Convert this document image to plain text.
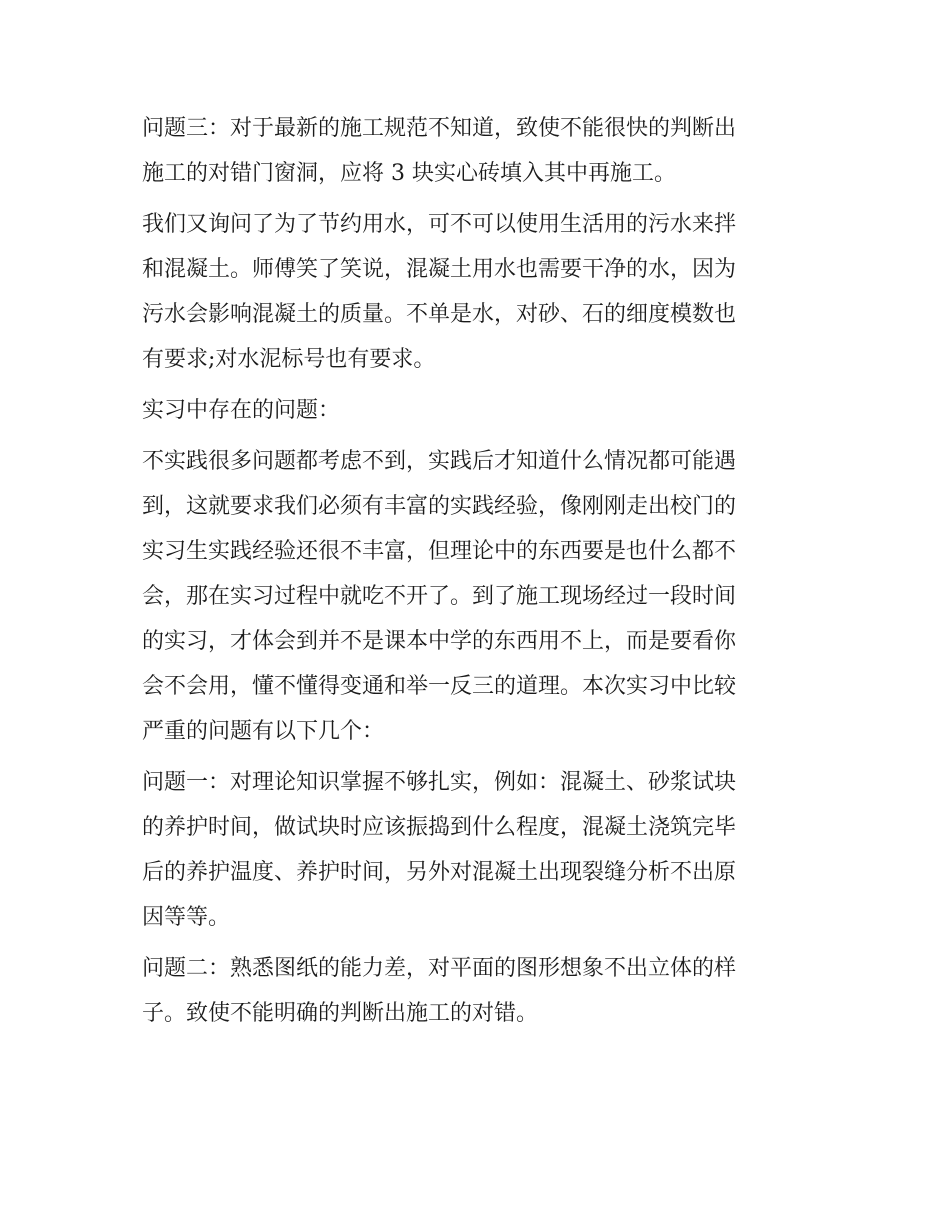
问题三：对于最新的施工规范不知道，致使不能很快的判断出
施工的对错门窗洞，应将 3 块实心砖填入其中再施工。

我们又询问了为了节约用水，可不可以使用生活用的污水来拌
和混凝土。师傅笑了笑说，混凝土用水也需要干净的水，因为
污水会影响混凝土的质量。不单是水，对砂、石的细度模数也
有要求;对水泥标号也有要求。

实习中存在的问题：

不实践很多问题都考虑不到，实践后才知道什么情况都可能遇
到，这就要求我们必须有丰富的实践经验，像刚刚走出校门的
实习生实践经验还很不丰富，但理论中的东西要是也什么都不
会，那在实习过程中就吃不开了。到了施工现场经过一段时间
的实习，才体会到并不是课本中学的东西用不上，而是要看你
会不会用，懂不懂得变通和举一反三的道理。本次实习中比较
严重的问题有以下几个：

问题一：对理论知识掌握不够扎实，例如：混凝土、砂浆试块
的养护时间，做试块时应该振捣到什么程度，混凝土浇筑完毕
后的养护温度、养护时间，另外对混凝土出现裂缝分析不出原
因等等。

问题二：熟悉图纸的能力差，对平面的图形想象不出立体的样
子。致使不能明确的判断出施工的对错。
